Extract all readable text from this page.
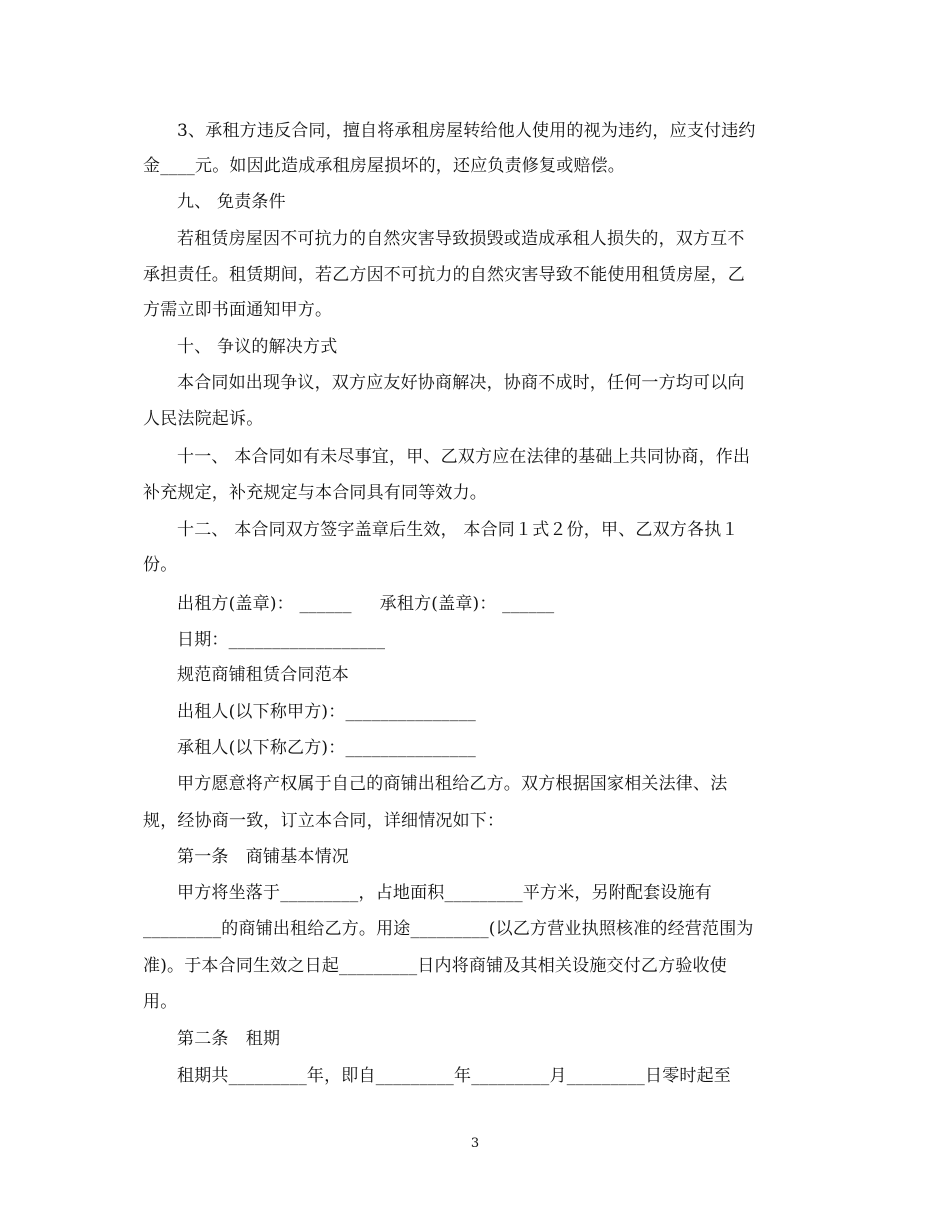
3、承租方违反合同，擅自将承租房屋转给他人使用的视为违约，应支付违约
金____元。如因此造成承租房屋损坏的，还应负责修复或赔偿。
九、 免责条件
若租赁房屋因不可抗力的自然灾害导致损毁或造成承租人损失的，双方互不
承担责任。租赁期间，若乙方因不可抗力的自然灾害导致不能使用租赁房屋，乙
方需立即书面通知甲方。
十、 争议的解决方式
本合同如出现争议，双方应友好协商解决，协商不成时，任何一方均可以向
人民法院起诉。
十一、 本合同如有未尽事宜，甲、乙双方应在法律的基础上共同协商，作出
补充规定，补充规定与本合同具有同等效力。
十二、 本合同双方签字盖章后生效， 本合同１式２份，甲、乙双方各执１
份。
出租方(盖章)： ______     承租方(盖章)： ______
日期：__________________
规范商铺租赁合同范本
出租人(以下称甲方)：_______________
承租人(以下称乙方)：_______________
甲方愿意将产权属于自己的商铺出租给乙方。双方根据国家相关法律、法
规，经协商一致，订立本合同，详细情况如下：
第一条　商铺基本情况
甲方将坐落于_________，占地面积_________平方米，另附配套设施有
_________的商铺出租给乙方。用途_________(以乙方营业执照核准的经营范围为
准)。于本合同生效之日起_________日内将商铺及其相关设施交付乙方验收使
用。
第二条　租期
租期共_________年，即自_________年_________月_________日零时起至
3
